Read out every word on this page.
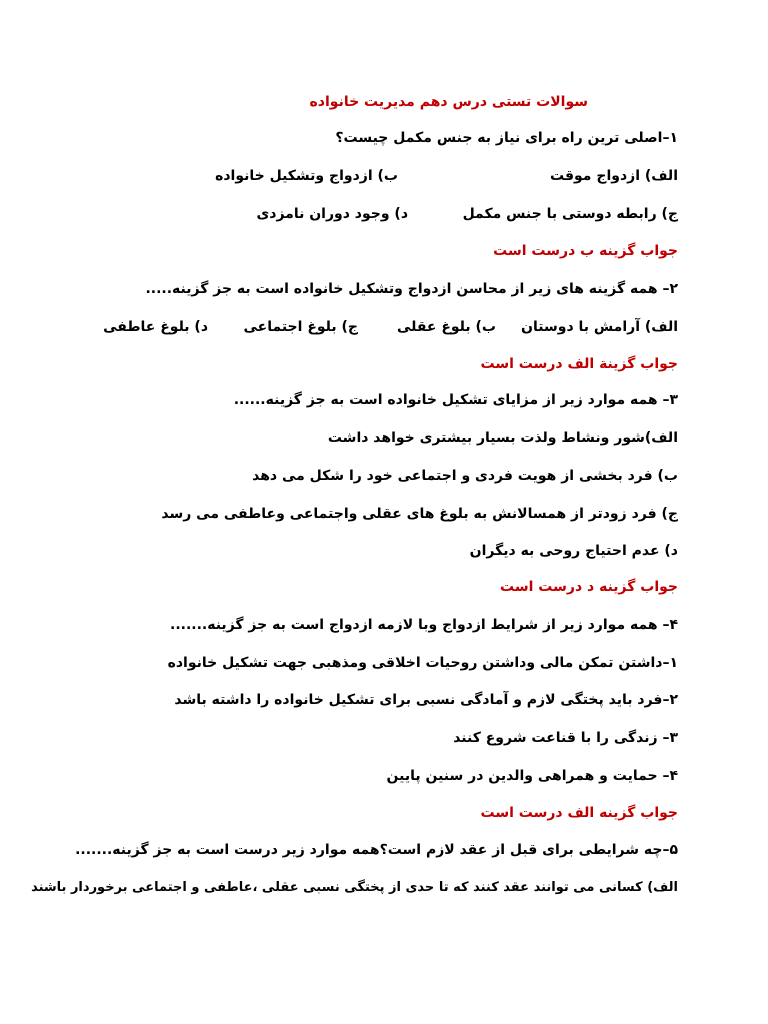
سوالات تستی درس دهم مدیریت خانواده
۱–اصلی ترین راه برای نیاز به جنس مکمل چیست؟
الف) ازدواج موقت
ب) ازدواج وتشکیل خانواده
ج) رابطه دوستی با جنس مکمل
د) وجود دوران نامزدی
جواب گزینه ب درست است
۲– همه گزینه های زیر از محاسن ازدواج وتشکیل خانواده است به جز گزینه.....
الف) آرامش با دوستان
ب) بلوغ عقلی
ج) بلوغ اجتماعی
د) بلوغ عاطفی
جواب گزینة الف درست است
۳– همه موارد زیر از مزایای تشکیل خانواده است به جز گزینه......
الف)شور ونشاط ولذت بسیار بیشتری خواهد داشت
ب) فرد بخشی از هویت فردی و اجتماعی خود را شکل می دهد
ج) فرد زودتر از همسالانش به بلوغ های عقلی واجتماعی وعاطفی می رسد
د) عدم احتیاج روحی به دیگران
جواب گزینه د درست است
۴– همه موارد زیر از شرایط ازدواج وبا لازمه ازدواج است به جز گزینه.......
۱–داشتن تمکن مالی وداشتن روحیات اخلاقی ومذهبی جهت تشکیل خانواده
۲–فرد باید پختگی لازم و آمادگی نسبی برای تشکیل خانواده را داشته باشد
۳– زندگی را با قناعت شروع کنند
۴– حمایت و همراهی والدین در سنین پایین
جواب گزینه الف درست است
۵–چه شرایطی برای قبل از عقد لازم است؟همه موارد زیر درست است به جز گزینه.......
الف) کسانی می توانند عقد کنند که تا حدی از پختگی نسبی عقلی ،عاطفی و اجتماعی برخوردار باشند
